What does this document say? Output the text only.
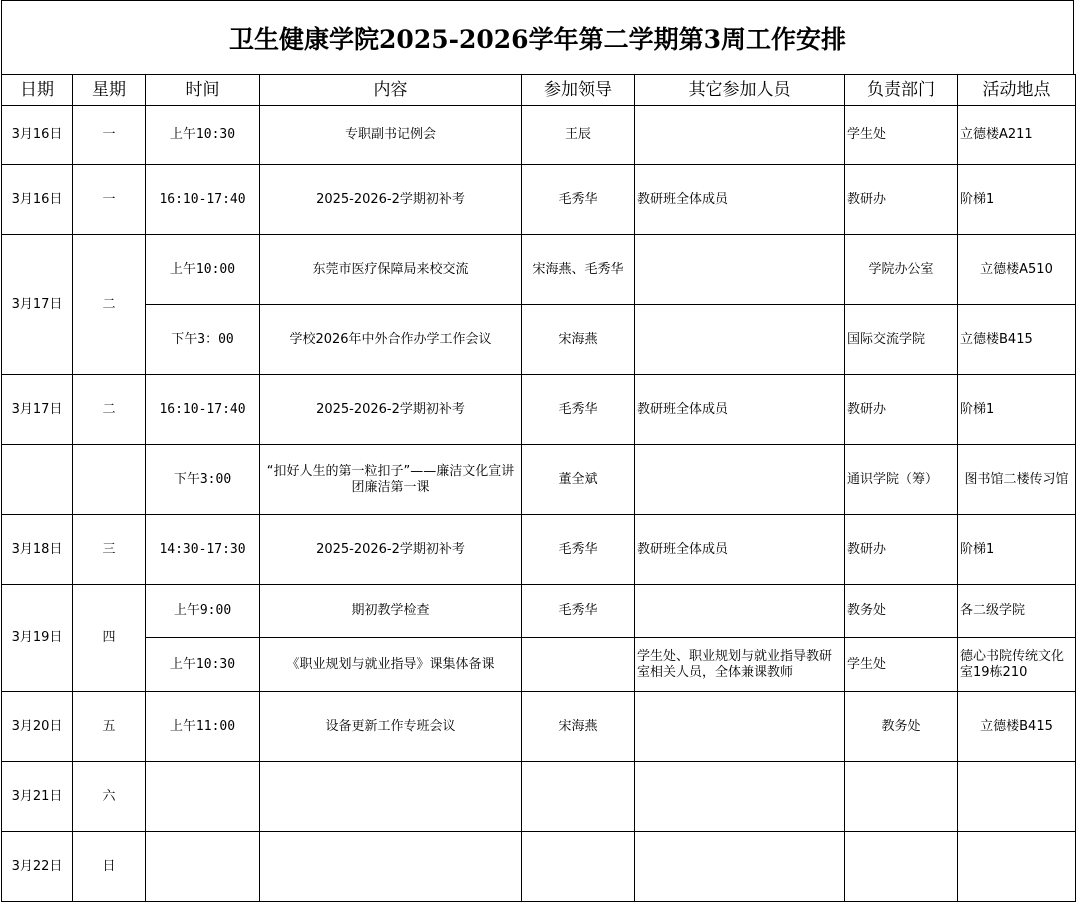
卫生健康学院2025-2026学年第二学期第3周工作安排
日期	星期	时间	内容	参加领导	其它参加人员	负责部门	活动地点
3月16日	一	上午10:30	专职副书记例会	王辰		学生处	立德楼A211
3月16日	一	16:10-17:40	2025-2026-2学期初补考	毛秀华	教研班全体成员	教研办	阶梯1
3月17日	二	上午10:00	东莞市医疗保障局来校交流	宋海燕、毛秀华		学院办公室	立德楼A510
		下午3：00	学校2026年中外合作办学工作会议	宋海燕		国际交流学院	立德楼B415
3月17日	二	16:10-17:40	2025-2026-2学期初补考	毛秀华	教研班全体成员	教研办	阶梯1
		下午3:00	“扣好人生的第一粒扣子”——廉洁文化宣讲团廉洁第一课	董全斌		通识学院（筹）	图书馆二楼传习馆
3月18日	三	14:30-17:30	2025-2026-2学期初补考	毛秀华	教研班全体成员	教研办	阶梯1
3月19日	四	上午9:00	期初教学检查	毛秀华		教务处	各二级学院
		上午10:30	《职业规划与就业指导》课集体备课		学生处、职业规划与就业指导教研室相关人员，全体兼课教师	学生处	德心书院传统文化室19栋210
3月20日	五	上午11:00	设备更新工作专班会议	宋海燕		教务处	立德楼B415
3月21日	六						
3月22日	日						
